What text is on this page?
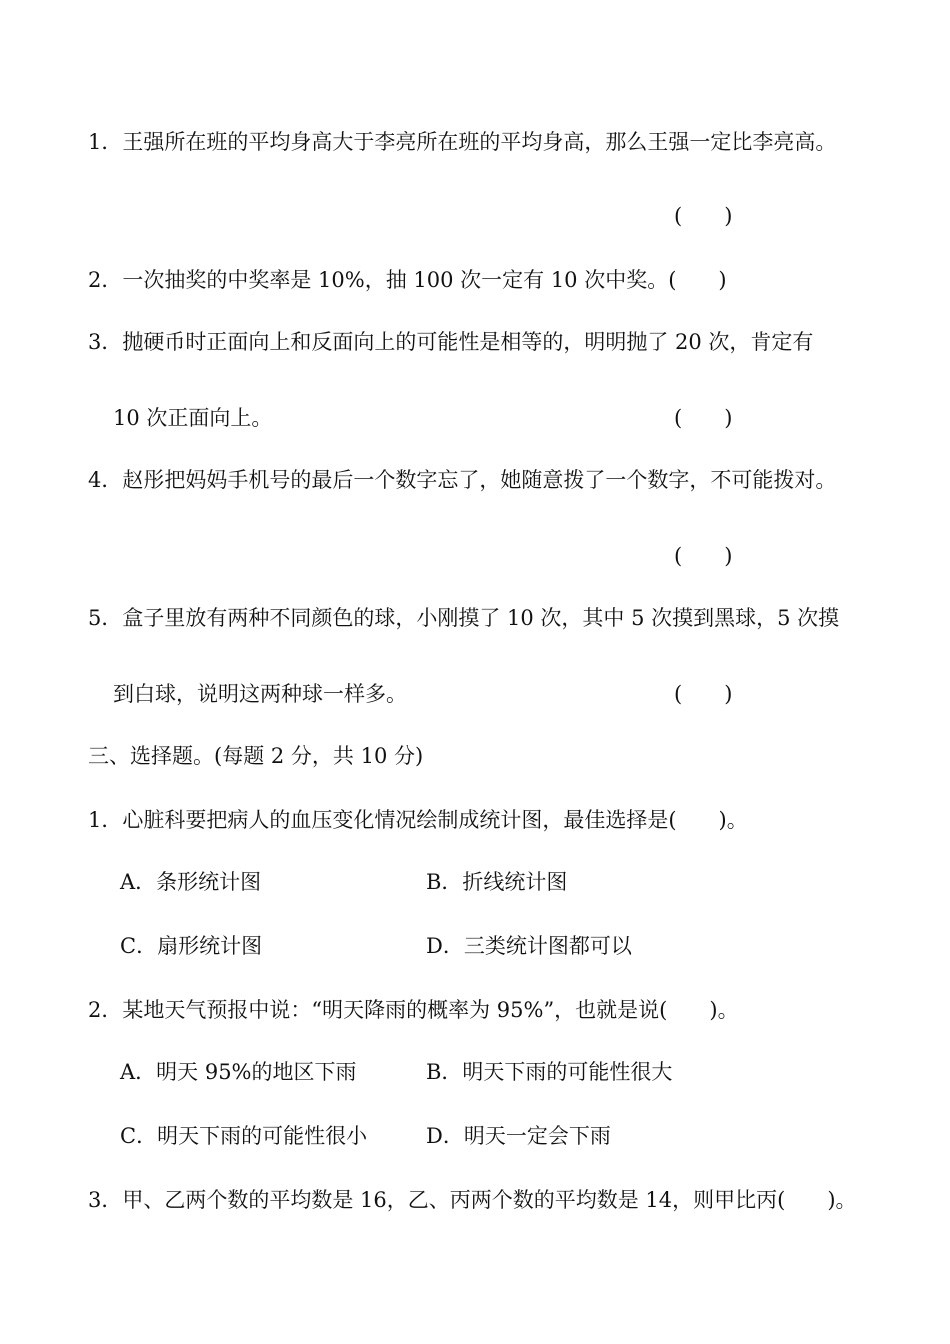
1．王强所在班的平均身高大于李亮所在班的平均身高，那么王强一定比李亮高。
(　　)
2．一次抽奖的中奖率是 10%，抽 100 次一定有 10 次中奖。(　　)
3．抛硬币时正面向上和反面向上的可能性是相等的，明明抛了 20 次，肯定有
10 次正面向上。	(　　)
4．赵彤把妈妈手机号的最后一个数字忘了，她随意拨了一个数字，不可能拨对。
(　　)
5．盒子里放有两种不同颜色的球，小刚摸了 10 次，其中 5 次摸到黑球，5 次摸
到白球，说明这两种球一样多。	(　　)
三、选择题。(每题 2 分，共 10 分)
1．心脏科要把病人的血压变化情况绘制成统计图，最佳选择是(　　)。
A．条形统计图	B．折线统计图
C．扇形统计图	D．三类统计图都可以
2．某地天气预报中说：“明天降雨的概率为 95%”，也就是说(　　)。
A．明天 95%的地区下雨	B．明天下雨的可能性很大
C．明天下雨的可能性很小	D．明天一定会下雨
3．甲、乙两个数的平均数是 16，乙、丙两个数的平均数是 14，则甲比丙(　　)。
